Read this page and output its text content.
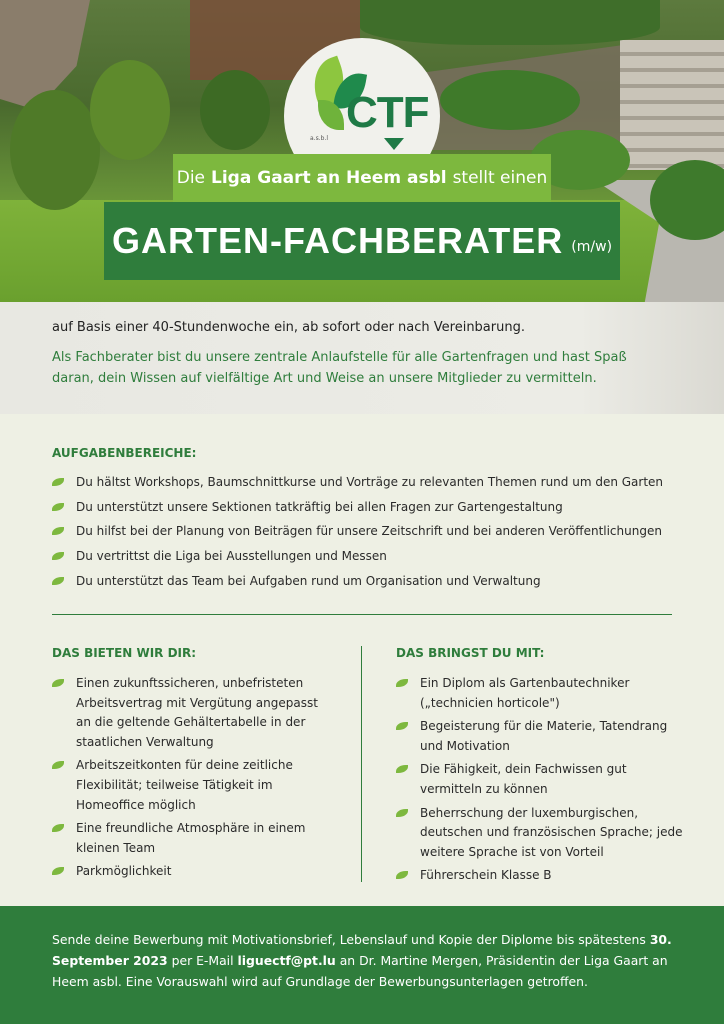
CTF
a.s.b.l
Die Liga Gaart an Heem asbl stellt einen
GARTEN-FACHBERATER (m/w)

auf Basis einer 40-Stundenwoche ein, ab sofort oder nach Vereinbarung.

Als Fachberater bist du unsere zentrale Anlaufstelle für alle Gartenfragen und hast Spaß daran, dein Wissen auf vielfältige Art und Weise an unsere Mitglieder zu vermitteln.

AUFGABENBEREICHE:
Du hältst Workshops, Baumschnittkurse und Vorträge zu relevanten Themen rund um den Garten
Du unterstützt unsere Sektionen tatkräftig bei allen Fragen zur Gartengestaltung
Du hilfst bei der Planung von Beiträgen für unsere Zeitschrift und bei anderen Veröffentlichungen
Du vertrittst die Liga bei Ausstellungen und Messen
Du unterstützt das Team bei Aufgaben rund um Organisation und Verwaltung
DAS BIETEN WIR DIR:
Einen zukunftssicheren, unbefristeten Arbeitsvertrag mit Vergütung angepasst an die geltende Gehältertabelle in der staatlichen Verwaltung
Arbeitszeitkonten für deine zeitliche Flexibilität; teilweise Tätigkeit im Homeoffice möglich
Eine freundliche Atmosphäre in einem kleinen Team
Parkmöglichkeit
DAS BRINGST DU MIT:
Ein Diplom als Gartenbautechniker („technicien horticole")
Begeisterung für die Materie, Tatendrang und Motivation
Die Fähigkeit, dein Fachwissen gut vermitteln zu können
Beherrschung der luxemburgischen, deutschen und französischen Sprache; jede weitere Sprache ist von Vorteil
Führerschein Klasse B
Sende deine Bewerbung mit Motivationsbrief, Lebenslauf und Kopie der Diplome bis spätestens 30. September 2023 per E-Mail liguectf@pt.lu an Dr. Martine Mergen, Präsidentin der Liga Gaart an Heem asbl. Eine Vorauswahl wird auf Grundlage der Bewerbungsunterlagen getroffen.
